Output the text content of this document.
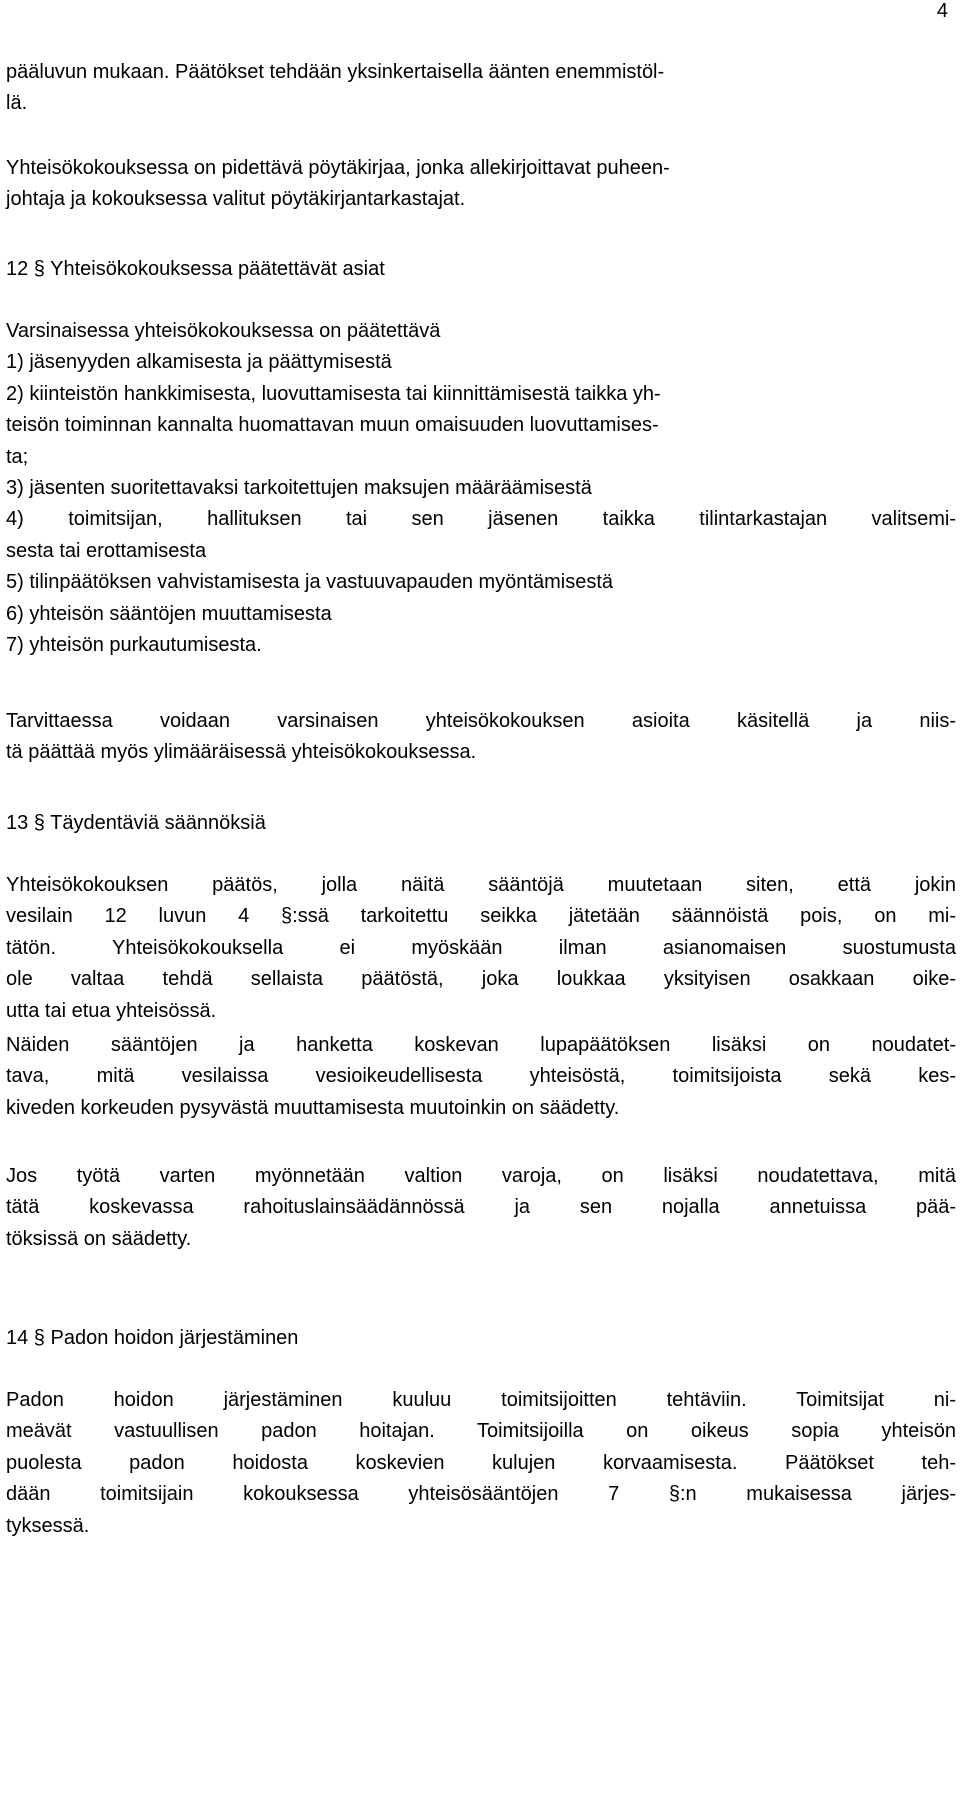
4
pääluvun mukaan. Päätökset tehdään yksinkertaisella äänten enemmistöl-
lä.
Yhteisökokouksessa on pidettävä pöytäkirjaa, jonka allekirjoittavat puheen-
johtaja ja kokouksessa valitut pöytäkirjantarkastajat.
12 § Yhteisökokouksessa päätettävät asiat
Varsinaisessa yhteisökokouksessa on päätettävä
1) jäsenyyden alkamisesta ja päättymisestä
2) kiinteistön hankkimisesta, luovuttamisesta tai kiinnittämisestä taikka yh-
teisön toiminnan kannalta huomattavan muun omaisuuden luovuttamises-
ta;
3) jäsenten suoritettavaksi tarkoitettujen maksujen määräämisestä
4) toimitsijan, hallituksen tai sen jäsenen taikka tilintarkastajan valitsemi-
sesta tai erottamisesta
5) tilinpäätöksen vahvistamisesta ja vastuuvapauden myöntämisestä
6) yhteisön sääntöjen muuttamisesta
7) yhteisön purkautumisesta.
Tarvittaessa voidaan varsinaisen yhteisökokouksen asioita käsitellä ja niis-
tä päättää myös ylimääräisessä yhteisökokouksessa.
13 § Täydentäviä säännöksiä
Yhteisökokouksen päätös, jolla näitä sääntöjä muutetaan siten, että jokin
vesilain 12 luvun 4 §:ssä tarkoitettu seikka jätetään säännöistä pois, on mi-
tätön. Yhteisökokouksella ei myöskään ilman asianomaisen suostumusta
ole valtaa tehdä sellaista päätöstä, joka loukkaa yksityisen osakkaan oike-
utta tai etua yhteisössä.
Näiden sääntöjen ja hanketta koskevan lupapäätöksen lisäksi on noudatet-
tava, mitä vesilaissa vesioikeudellisesta yhteisöstä, toimitsijoista sekä kes-
kiveden korkeuden pysyvästä muuttamisesta muutoinkin on säädetty.
Jos työtä varten myönnetään valtion varoja, on lisäksi noudatettava, mitä
tätä koskevassa rahoituslainsäädännössä ja sen nojalla annetuissa pää-
töksissä on säädetty.
14 § Padon hoidon järjestäminen
Padon hoidon järjestäminen kuuluu toimitsijoitten tehtäviin. Toimitsijat ni-
meävät vastuullisen padon hoitajan. Toimitsijoilla on oikeus sopia yhteisön
puolesta padon hoidosta koskevien kulujen korvaamisesta. Päätökset teh-
dään toimitsijain kokouksessa yhteisösääntöjen 7 §:n mukaisessa järjes-
tyksessä.
